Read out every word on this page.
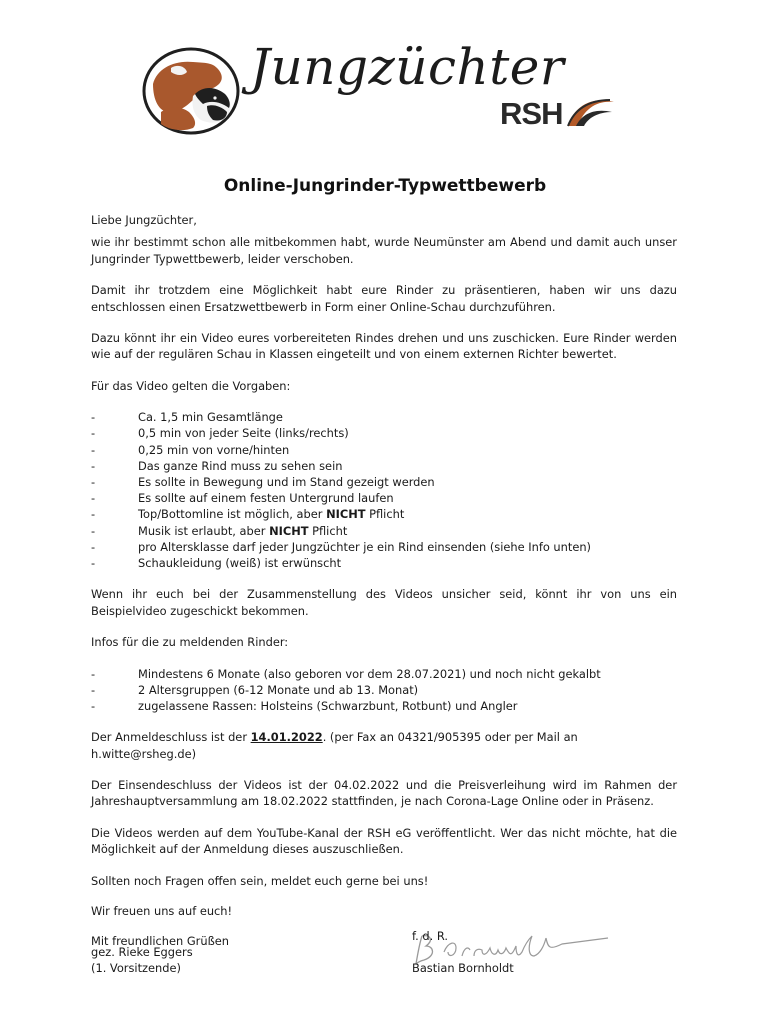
Jungzüchter
RSH
Online-Jungrinder-Typwettbewerb

Liebe Jungzüchter,

wie ihr bestimmt schon alle mitbekommen habt, wurde Neumünster am Abend und damit auch unser Jungrinder Typwettbewerb, leider verschoben.

Damit ihr trotzdem eine Möglichkeit habt eure Rinder zu präsentieren, haben wir uns dazu entschlossen einen Ersatzwettbewerb in Form einer Online-Schau durchzuführen.

Dazu könnt ihr ein Video eures vorbereiteten Rindes drehen und uns zuschicken. Eure Rinder werden wie auf der regulären Schau in Klassen eingeteilt und von einem externen Richter bewertet.

Für das Video gelten die Vorgaben:

-	Ca. 1,5 min Gesamtlänge
-	0,5 min von jeder Seite (links/rechts)
-	0,25 min von vorne/hinten
-	Das ganze Rind muss zu sehen sein
-	Es sollte in Bewegung und im Stand gezeigt werden
-	Es sollte auf einem festen Untergrund laufen
-	Top/Bottomline ist möglich, aber NICHT Pflicht
-	Musik ist erlaubt, aber NICHT Pflicht
-	pro Altersklasse darf jeder Jungzüchter je ein Rind einsenden (siehe Info unten)
-	Schaukleidung (weiß) ist erwünscht

Wenn ihr euch bei der Zusammenstellung des Videos unsicher seid, könnt ihr von uns ein Beispielvideo zugeschickt bekommen.

Infos für die zu meldenden Rinder:

-	Mindestens 6 Monate (also geboren vor dem 28.07.2021) und noch nicht gekalbt
-	2 Altersgruppen (6-12 Monate und ab 13. Monat)
-	zugelassene Rassen: Holsteins (Schwarzbunt, Rotbunt) und Angler

Der Anmeldeschluss ist der 14.01.2022. (per Fax an 04321/905395 oder per Mail an h.witte@rsheg.de)

Der Einsendeschluss der Videos ist der 04.02.2022 und die Preisverleihung wird im Rahmen der Jahreshauptversammlung am 18.02.2022 stattfinden, je nach Corona-Lage Online oder in Präsenz.

Die Videos werden auf dem YouTube-Kanal der RSH eG veröffentlicht. Wer das nicht möchte, hat die Möglichkeit auf der Anmeldung dieses auszuschließen.

Sollten noch Fragen offen sein, meldet euch gerne bei uns!

Wir freuen uns auf euch!

Mit freundlichen Grüßen

gez. Rieke Eggers
(1. Vorsitzende)
f. d. R.
Bastian Bornholdt
